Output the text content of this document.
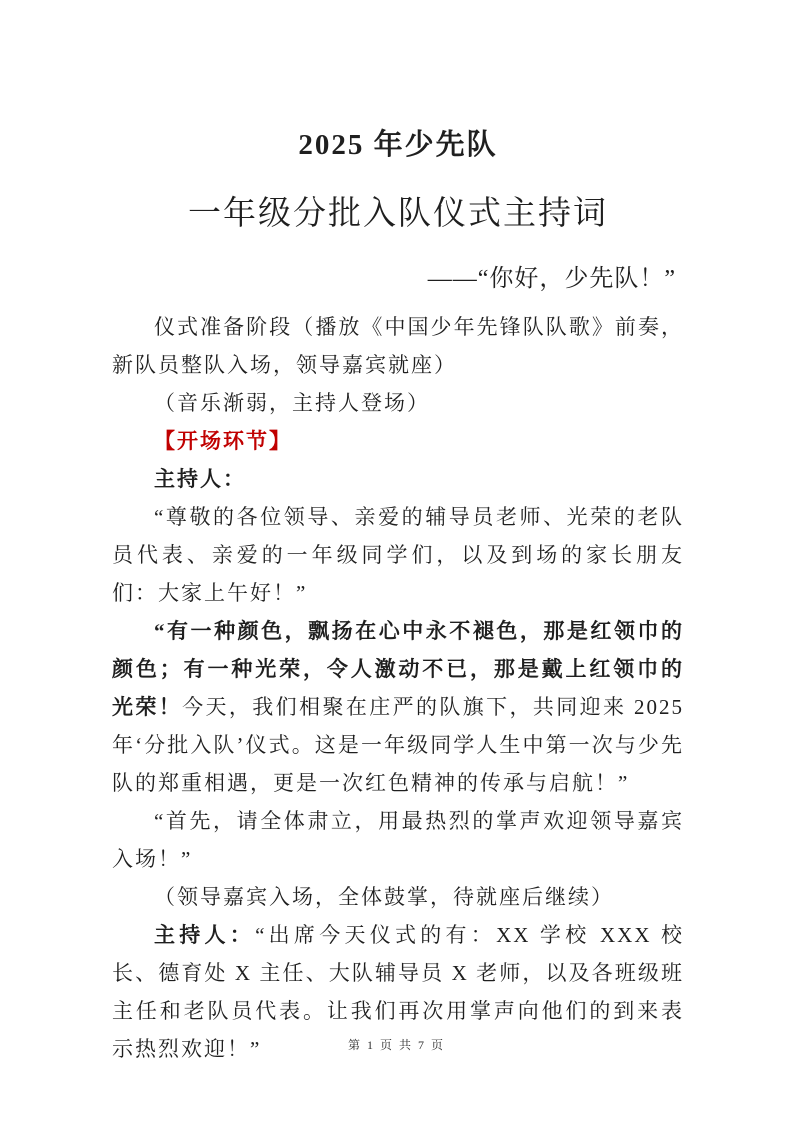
2025 年少先队
一年级分批入队仪式主持词

——“你好，少先队！”

仪式准备阶段（播放《中国少年先锋队队歌》前奏，新队员整队入场，领导嘉宾就座）

（音乐渐弱，主持人登场）

【开场环节】

主持人：

“尊敬的各位领导、亲爱的辅导员老师、光荣的老队员代表、亲爱的一年级同学们，以及到场的家长朋友们：大家上午好！”

“有一种颜色，飘扬在心中永不褪色，那是红领巾的颜色；有一种光荣，令人激动不已，那是戴上红领巾的光荣！今天，我们相聚在庄严的队旗下，共同迎来 2025 年‘分批入队’仪式。这是一年级同学人生中第一次与少先队的郑重相遇，更是一次红色精神的传承与启航！”

“首先，请全体肃立，用最热烈的掌声欢迎领导嘉宾入场！”

（领导嘉宾入场，全体鼓掌，待就座后继续）

主持人：“出席今天仪式的有：XX 学校 XXX 校长、德育处 X 主任、大队辅导员 X 老师，以及各班级班主任和老队员代表。让我们再次用掌声向他们的到来表示热烈欢迎！”	第 1 页 共 7 页
